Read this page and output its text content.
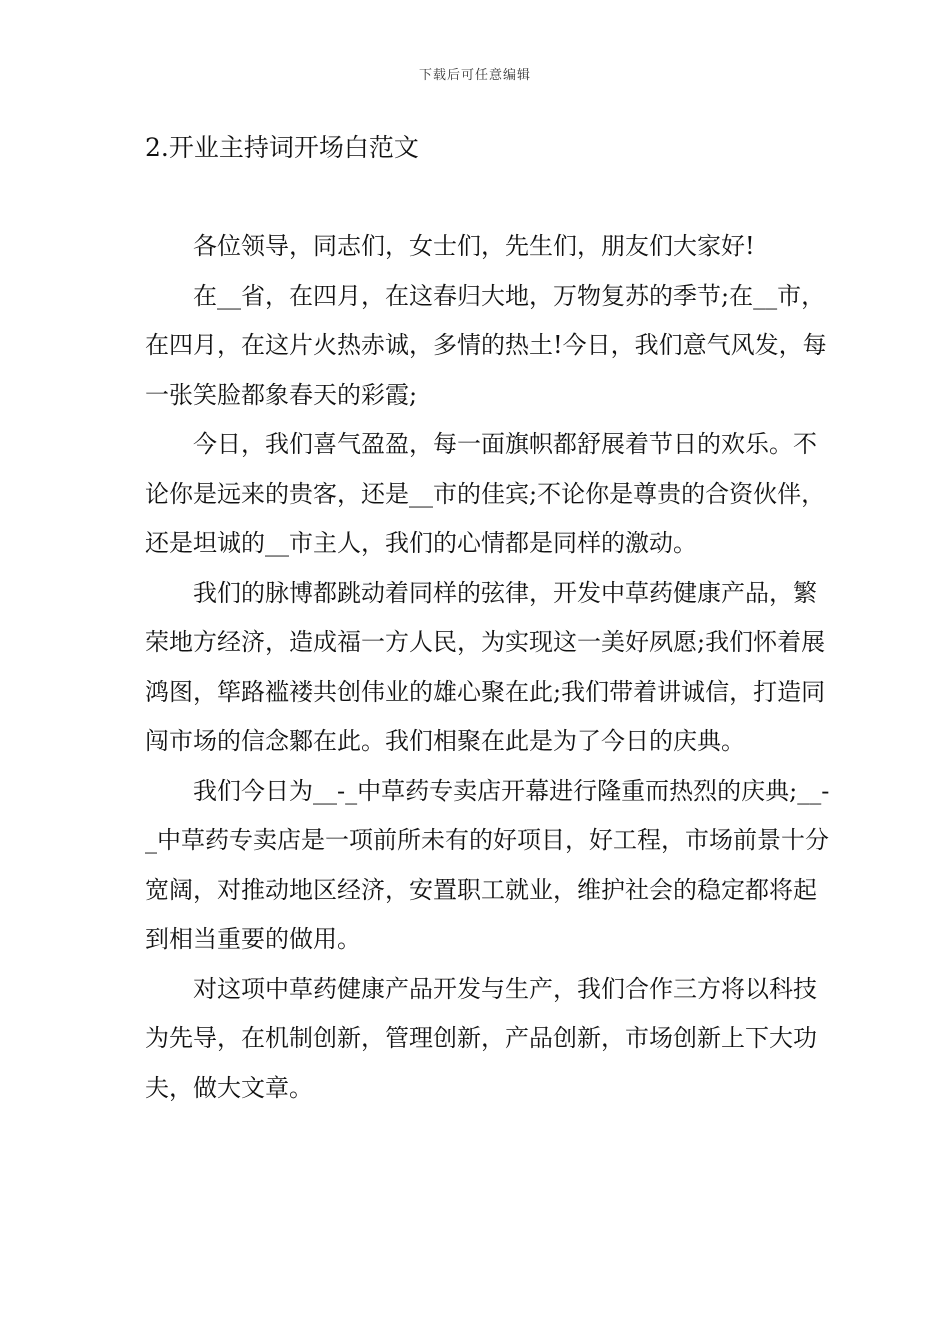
下载后可任意编辑
2.开业主持词开场白范文

各位领导，同志们，女士们，先生们，朋友们大家好!

在__省，在四月，在这春归大地，万物复苏的季节;在__市，在四月，在这片火热赤诚，多情的热土!今日，我们意气风发，每一张笑脸都象春天的彩霞;

今日，我们喜气盈盈，每一面旗帜都舒展着节日的欢乐。不论你是远来的贵客，还是__市的佳宾;不论你是尊贵的合资伙伴，还是坦诚的__市主人，我们的心情都是同样的激动。

我们的脉博都跳动着同样的弦律，开发中草药健康产品，繁荣地方经济，造成福一方人民，为实现这一美好夙愿;我们怀着展鸿图，筚路褴褛共创伟业的雄心聚在此;我们带着讲诚信，打造同闯市场的信念鄹在此。我们相聚在此是为了今日的庆典。

我们今日为__-_中草药专卖店开幕进行隆重而热烈的庆典;__-_中草药专卖店是一项前所未有的好项目，好工程，市场前景十分宽阔，对推动地区经济，安置职工就业，维护社会的稳定都将起到相当重要的做用。

对这项中草药健康产品开发与生产，我们合作三方将以科技为先导，在机制创新，管理创新，产品创新，市场创新上下大功夫，做大文章。
